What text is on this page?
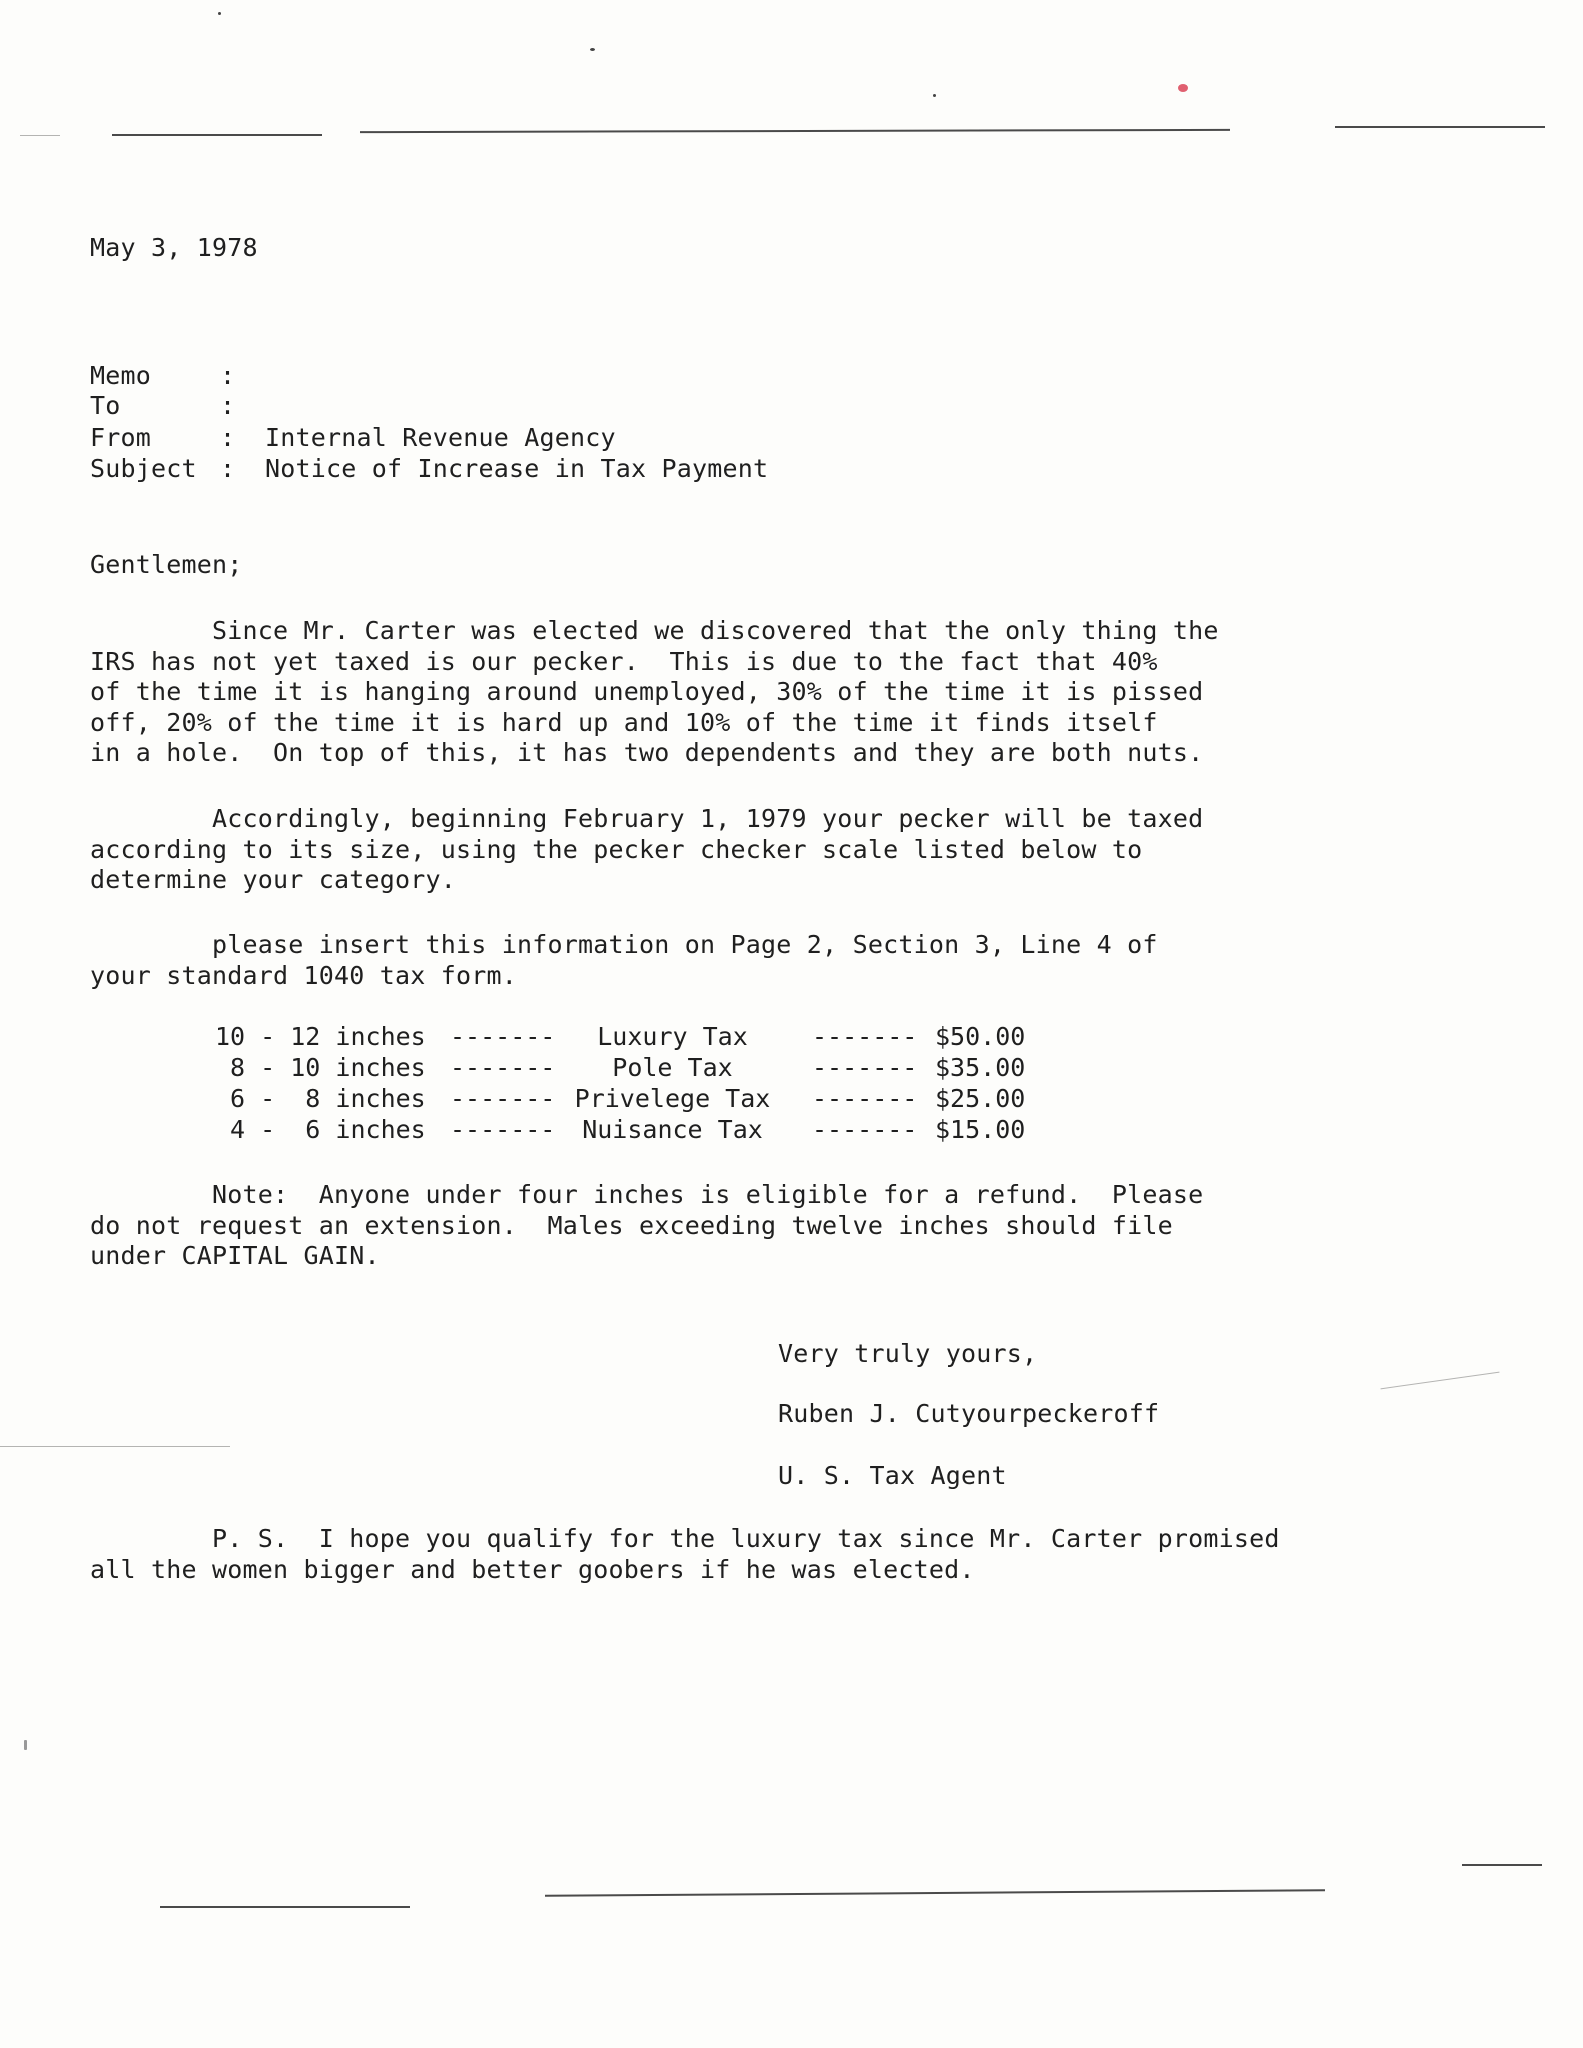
May 3, 1978
Memo	:
To	:
From	: Internal Revenue Agency
Subject : Notice of Increase in Tax Payment
Gentlemen;
Since Mr. Carter was elected we discovered that the only thing the
IRS has not yet taxed is our pecker.  This is due to the fact that 40%
of the time it is hanging around unemployed, 30% of the time it is pissed
off, 20% of the time it is hard up and 10% of the time it finds itself
in a hole.  On top of this, it has two dependents and they are both nuts.
Accordingly, beginning February 1, 1979 your pecker will be taxed
according to its size, using the pecker checker scale listed below to
determine your category.
please insert this information on Page 2, Section 3, Line 4 of
your standard 1040 tax form.
10 - 12 inches -------	Luxury Tax	------- $50.00
8 - 10 inches -------	Pole Tax	------- $35.00
6 -  8 inches ------- Privelege Tax	------- $25.00
4 -  6 inches -------	Nuisance Tax	------- $15.00
Note:  Anyone under four inches is eligible for a refund.  Please
do not request an extension.  Males exceeding twelve inches should file
under CAPITAL GAIN.
Very truly yours,
Ruben J. Cutyourpeckeroff
U. S. Tax Agent
P. S.  I hope you qualify for the luxury tax since Mr. Carter promised
all the women bigger and better goobers if he was elected.
